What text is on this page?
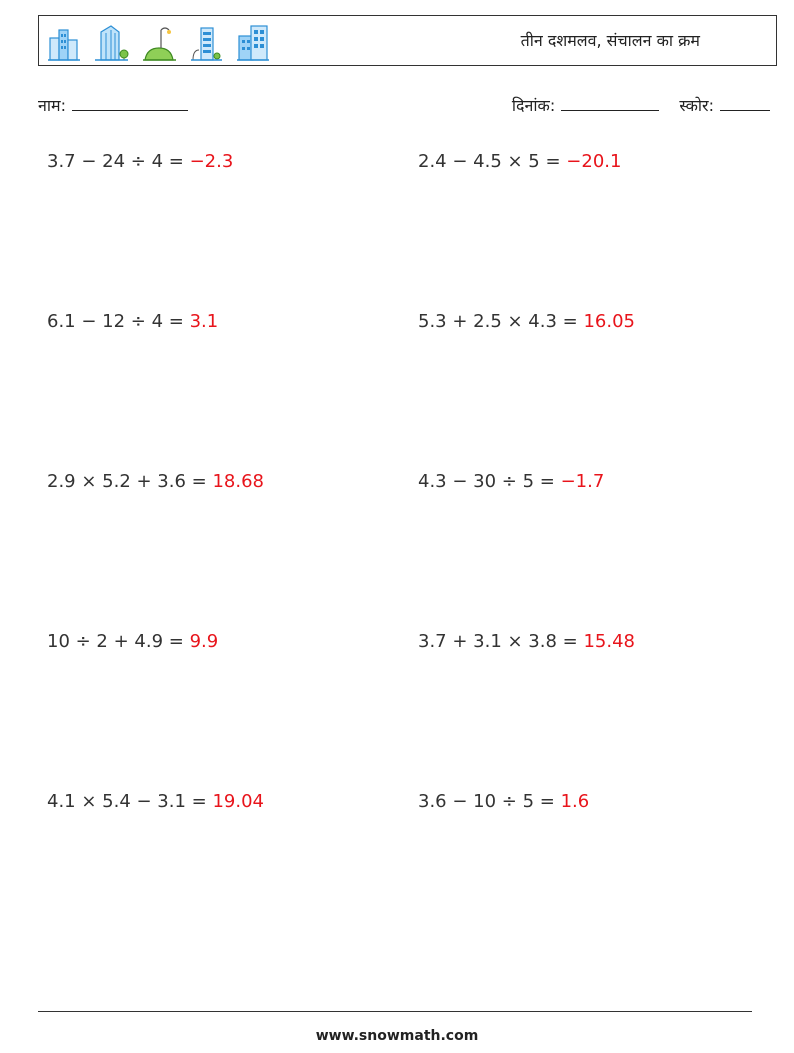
तीन दशमलव, संचालन का क्रम
नाम:	दिनांक:	स्कोर:
3.7 − 24 ÷ 4 = −2.3	2.4 − 4.5 × 5 = −20.1
6.1 − 12 ÷ 4 = 3.1	5.3 + 2.5 × 4.3 = 16.05
2.9 × 5.2 + 3.6 = 18.68	4.3 − 30 ÷ 5 = −1.7
10 ÷ 2 + 4.9 = 9.9	3.7 + 3.1 × 3.8 = 15.48
4.1 × 5.4 − 3.1 = 19.04	3.6 − 10 ÷ 5 = 1.6
www.snowmath.com
